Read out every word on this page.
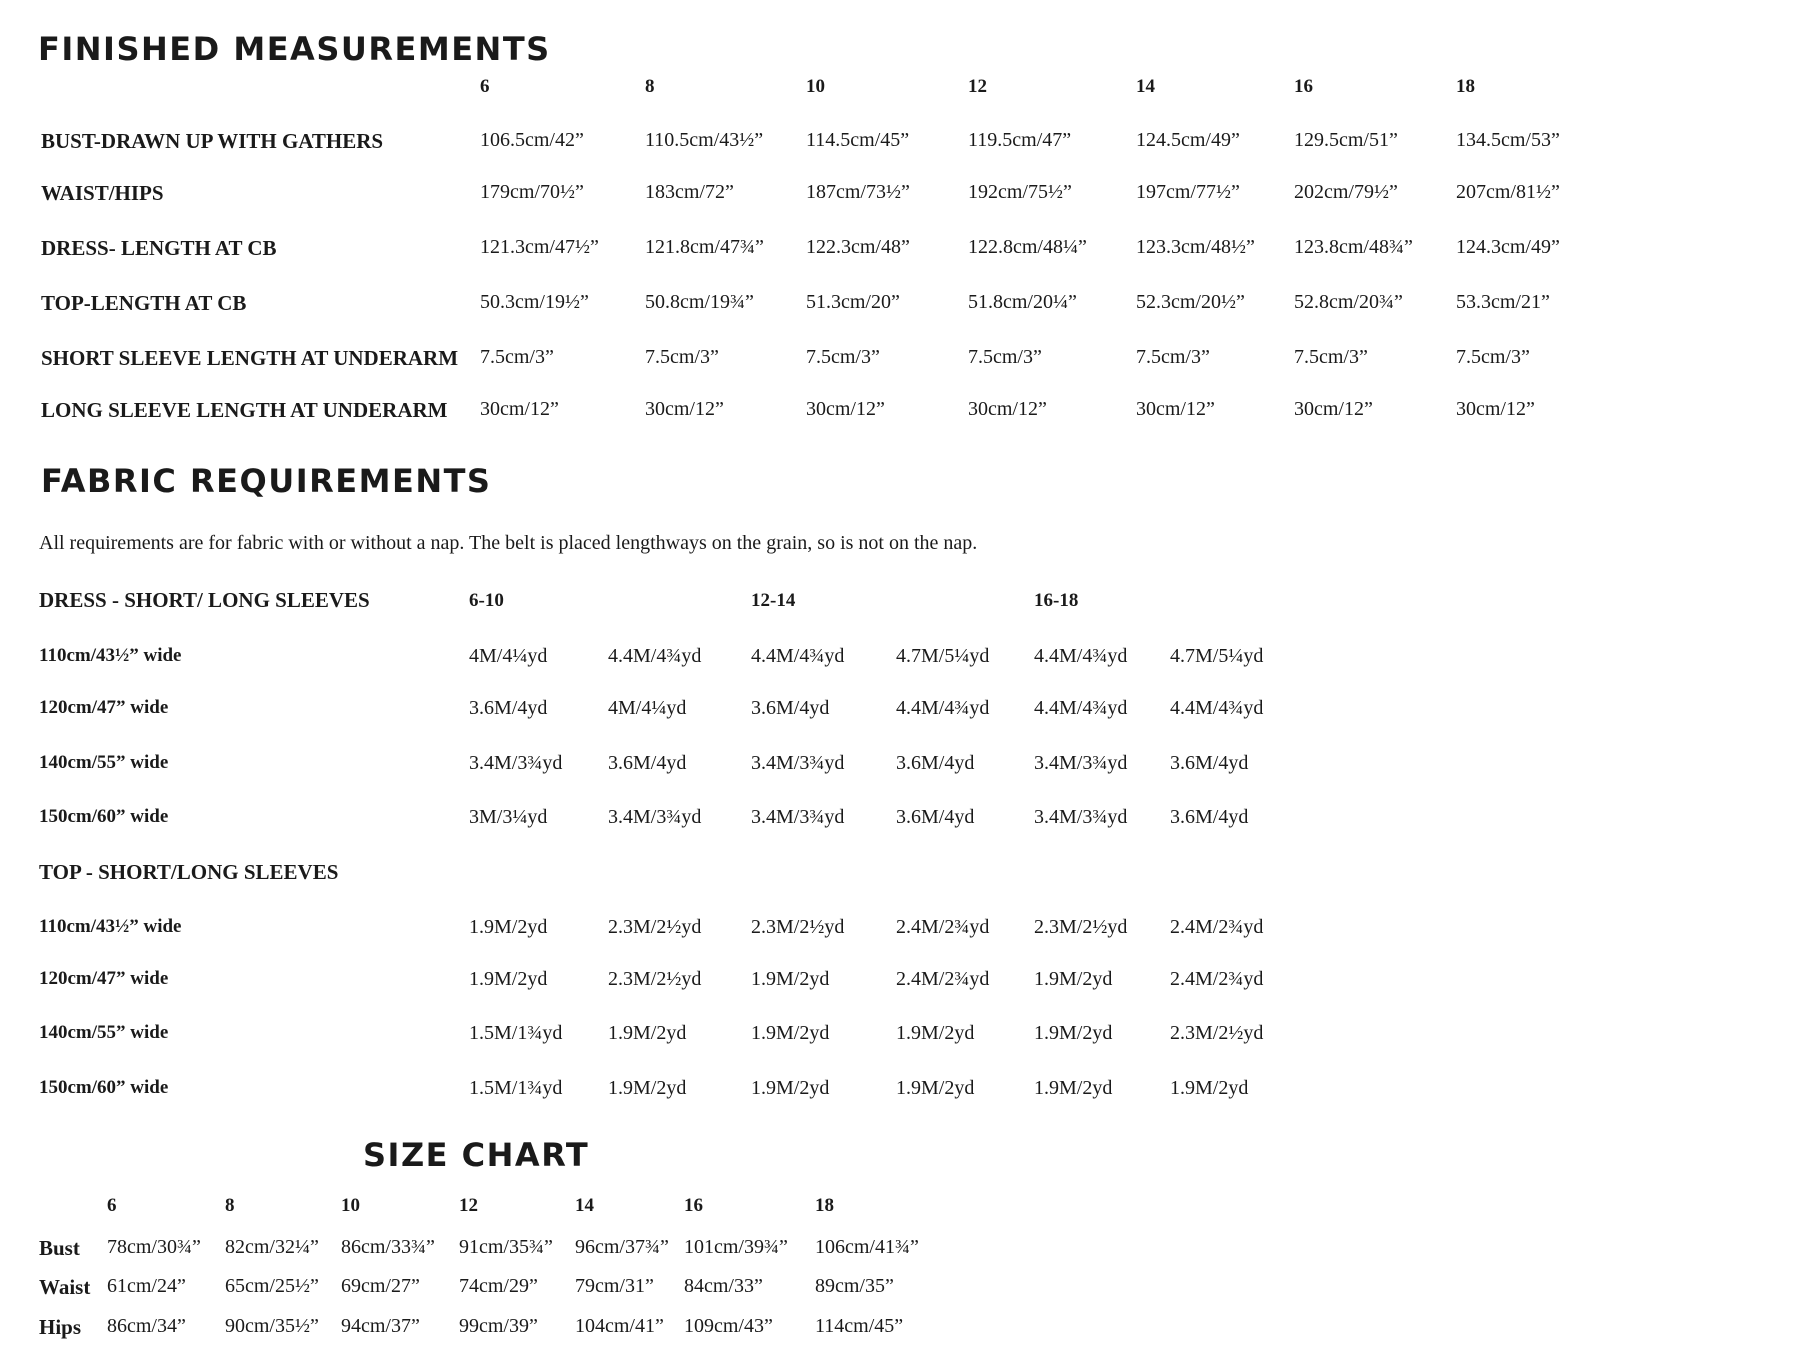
FINISHED MEASUREMENTS
FABRIC REQUIREMENTS
All requirements are for fabric with or without a nap. The belt is placed lengthways on the grain, so is not on the nap.
SIZE CHART
6	8	10	12	14	16	18
BUST-DRAWN UP WITH GATHERS	106.5cm/42”	110.5cm/43½” 114.5cm/45”	119.5cm/47”	124.5cm/49”	129.5cm/51”	134.5cm/53”
WAIST/HIPS	179cm/70½”	183cm/72”	187cm/73½”	192cm/75½”	197cm/77½”	202cm/79½”	207cm/81½”
DRESS- LENGTH AT CB	121.3cm/47½” 121.8cm/47¾” 122.3cm/48”	122.8cm/48¼” 123.3cm/48½” 123.8cm/48¾” 124.3cm/49”
TOP-LENGTH AT CB	50.3cm/19½”	50.8cm/19¾”	51.3cm/20”	51.8cm/20¼”	52.3cm/20½” 52.8cm/20¾”	53.3cm/21”
SHORT SLEEVE LENGTH AT UNDERARM 7.5cm/3”	7.5cm/3”	7.5cm/3”	7.5cm/3”	7.5cm/3”	7.5cm/3”	7.5cm/3”
LONG SLEEVE LENGTH AT UNDERARM 30cm/12”	30cm/12”	30cm/12”	30cm/12”	30cm/12”	30cm/12”	30cm/12”
DRESS - SHORT/ LONG SLEEVES	6-10	12-14	16-18
110cm/43½” wide	4M/4¼yd	4.4M/4¾yd 4.4M/4¾yd	4.7M/5¼yd 4.4M/4¾yd 4.7M/5¼yd
120cm/47” wide	3.6M/4yd	4M/4¼yd	3.6M/4yd	4.4M/4¾yd 4.4M/4¾yd 4.4M/4¾yd
140cm/55” wide	3.4M/3¾yd 3.6M/4yd	3.4M/3¾yd	3.6M/4yd	3.4M/3¾yd 3.6M/4yd
150cm/60” wide	3M/3¼yd	3.4M/3¾yd 3.4M/3¾yd	3.6M/4yd	3.4M/3¾yd 3.6M/4yd
TOP - SHORT/LONG SLEEVES
110cm/43½” wide	1.9M/2yd	2.3M/2½yd 2.3M/2½yd	2.4M/2¾yd 2.3M/2½yd 2.4M/2¾yd
120cm/47” wide	1.9M/2yd	2.3M/2½yd 1.9M/2yd	2.4M/2¾yd 1.9M/2yd	2.4M/2¾yd
140cm/55” wide	1.5M/1¾yd 1.9M/2yd	1.9M/2yd	1.9M/2yd	1.9M/2yd	2.3M/2½yd
150cm/60” wide	1.5M/1¾yd 1.9M/2yd	1.9M/2yd	1.9M/2yd	1.9M/2yd	1.9M/2yd
6	8	10	12	14	16	18
Bust 78cm/30¾” 82cm/32¼” 86cm/33¾” 91cm/35¾” 96cm/37¾” 101cm/39¾” 106cm/41¾”
Waist 61cm/24” 65cm/25½” 69cm/27” 74cm/29” 79cm/31” 84cm/33”	89cm/35”
Hips 86cm/34” 90cm/35½” 94cm/37” 99cm/39” 104cm/41” 109cm/43” 114cm/45”
